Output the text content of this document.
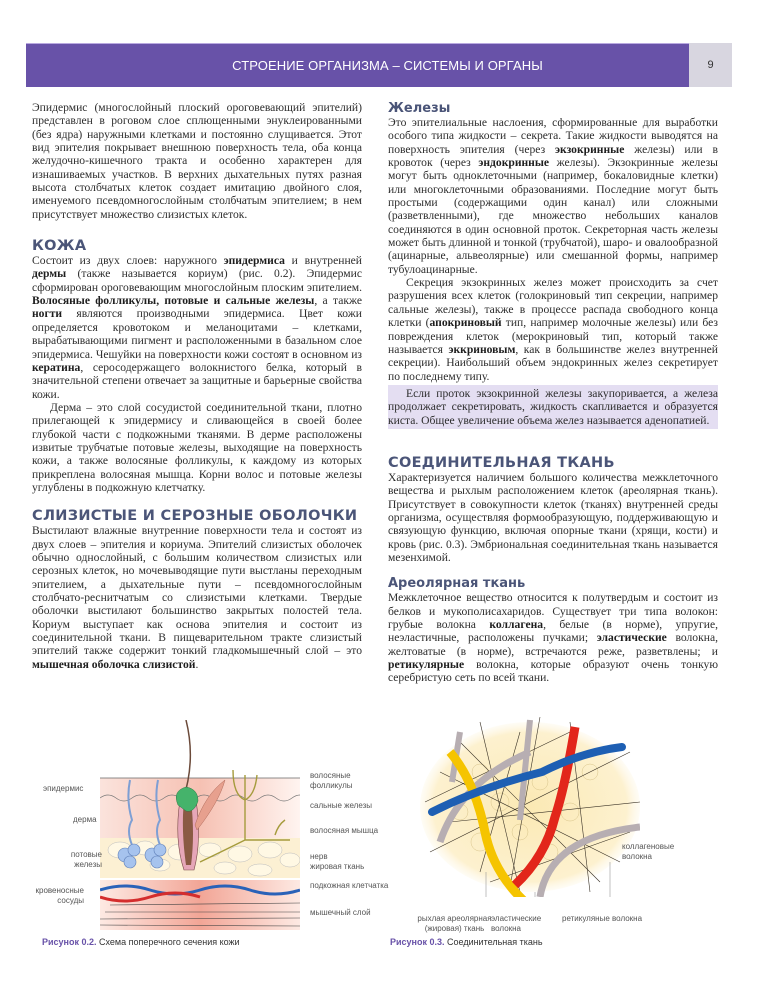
СТРОЕНИЕ ОРГАНИЗМА – СИСТЕМЫ И ОРГАНЫ	9

Эпидермис (многослойный плоский ороговевающий эпителий) представлен в роговом слое сплющенными энуклеированными (без ядра) наружными клетками и постоянно слущивается. Этот вид эпителия покрывает внешнюю поверхность тела, оба конца желудочно-кишечного тракта и особенно характерен для изнашиваемых участков. В верхних дыхательных путях разная высота столбчатых клеток создает имитацию двойного слоя, именуемого псевдомногослойным столбчатым эпителием; в нем присутствует множество слизистых клеток.

КОЖА

Состоит из двух слоев: наружного эпидермиса и внутренней дермы (также называется кориум) (рис. 0.2). Эпидермис сформирован ороговевающим многослойным плоским эпителием. Волосяные фолликулы, потовые и сальные железы, а также ногти являются производными эпидермиса. Цвет кожи определяется кровотоком и меланоцитами – клетками, вырабатывающими пигмент и расположенными в базальном слое эпидермиса. Чешуйки на поверхности кожи состоят в основном из кератина, серосодержащего волокнистого белка, который в значительной степени отвечает за защитные и барьерные свойства кожи.

Дерма – это слой сосудистой соединительной ткани, плотно прилегающей к эпидермису и сливающейся в своей более глубокой части с подкожными тканями. В дерме расположены извитые трубчатые потовые железы, выходящие на поверхность кожи, а также волосяные фолликулы, к каждому из которых прикреплена волосяная мышца. Корни волос и потовые железы углублены в подкожную клетчатку.

СЛИЗИСТЫЕ И СЕРОЗНЫЕ ОБОЛОЧКИ

Выстилают влажные внутренние поверхности тела и состоят из двух слоев – эпителия и кориума. Эпителий слизистых оболочек обычно однослойный, с большим количеством слизистых или серозных клеток, но мочевыводящие пути выстланы переходным эпителием, а дыхательные пути – псевдомногослойным столбчато-реснитчатым со слизистыми клетками. Твердые оболочки выстилают большинство закрытых полостей тела. Кориум выступает как основа эпителия и состоит из соединительной ткани. В пищеварительном тракте слизистый эпителий также содержит тонкий гладкомышечный слой – это мышечная оболочка слизистой.

Железы

Это эпителиальные наслоения, сформированные для выработки особого типа жидкости – секрета. Такие жидкости выводятся на поверхность эпителия (через экзокринные железы) или в кровоток (через эндокринные железы). Экзокринные железы могут быть одноклеточными (например, бокаловидные клетки) или многоклеточными образованиями. Последние могут быть простыми (содержащими один канал) или сложными (разветвленными), где множество небольших каналов соединяются в один основной проток. Секреторная часть железы может быть длинной и тонкой (трубчатой), шаро- и овалообразной (ацинарные, альвеолярные) или смешанной формы, например тубулоацинарные.

Секреция экзокринных желез может происходить за счет разрушения всех клеток (голокриновый тип секреции, например сальные железы), также в процессе распада свободного конца клетки (апокриновый тип, например молочные железы) или без повреждения клеток (мерокриновый тип, который также называется эккриновым, как в большинстве желез внутренней секреции). Наибольший объем эндокринных желез секретирует по последнему типу.

Если проток экзокринной железы закупоривается, а железа продолжает секретировать, жидкость скапливается и образуется киста. Общее увеличение объема желез называется аденопатией.

СОЕДИНИТЕЛЬНАЯ ТКАНЬ

Характеризуется наличием большого количества межклеточного вещества и рыхлым расположением клеток (ареолярная ткань). Присутствует в совокупности клеток (тканях) внутренней среды организма, осуществляя формообразующую, поддерживающую и связующую функцию, включая опорные ткани (хрящи, кости) и кровь (рис. 0.3). Эмбриональная соединительная ткань называется мезенхимой.

Ареолярная ткань

Межклеточное вещество относится к полутвердым и состоит из белков и мукополисахаридов. Существует три типа волокон: грубые волокна коллагена, белые (в норме), упругие, неэластичные, расположены пучками; эластические волокна, желтоватые (в норме), встречаются реже, разветвлены; и ретикулярные волокна, которые образуют очень тонкую серебристую сеть по всей ткани.

эпидермис
дерма
потовые железы
кровеносные сосуды
волосяные фолликулы
сальные железы
волосяная мышца
нерв
жировая ткань
подкожная клетчатка
мышечный слой
Рисунок 0.2. Схема поперечного сечения кожи
коллагеновые волокна
рыхлая ареолярная (жировая) ткань
эластические волокна
ретикуляные волокна
Рисунок 0.3. Соединительная ткань
